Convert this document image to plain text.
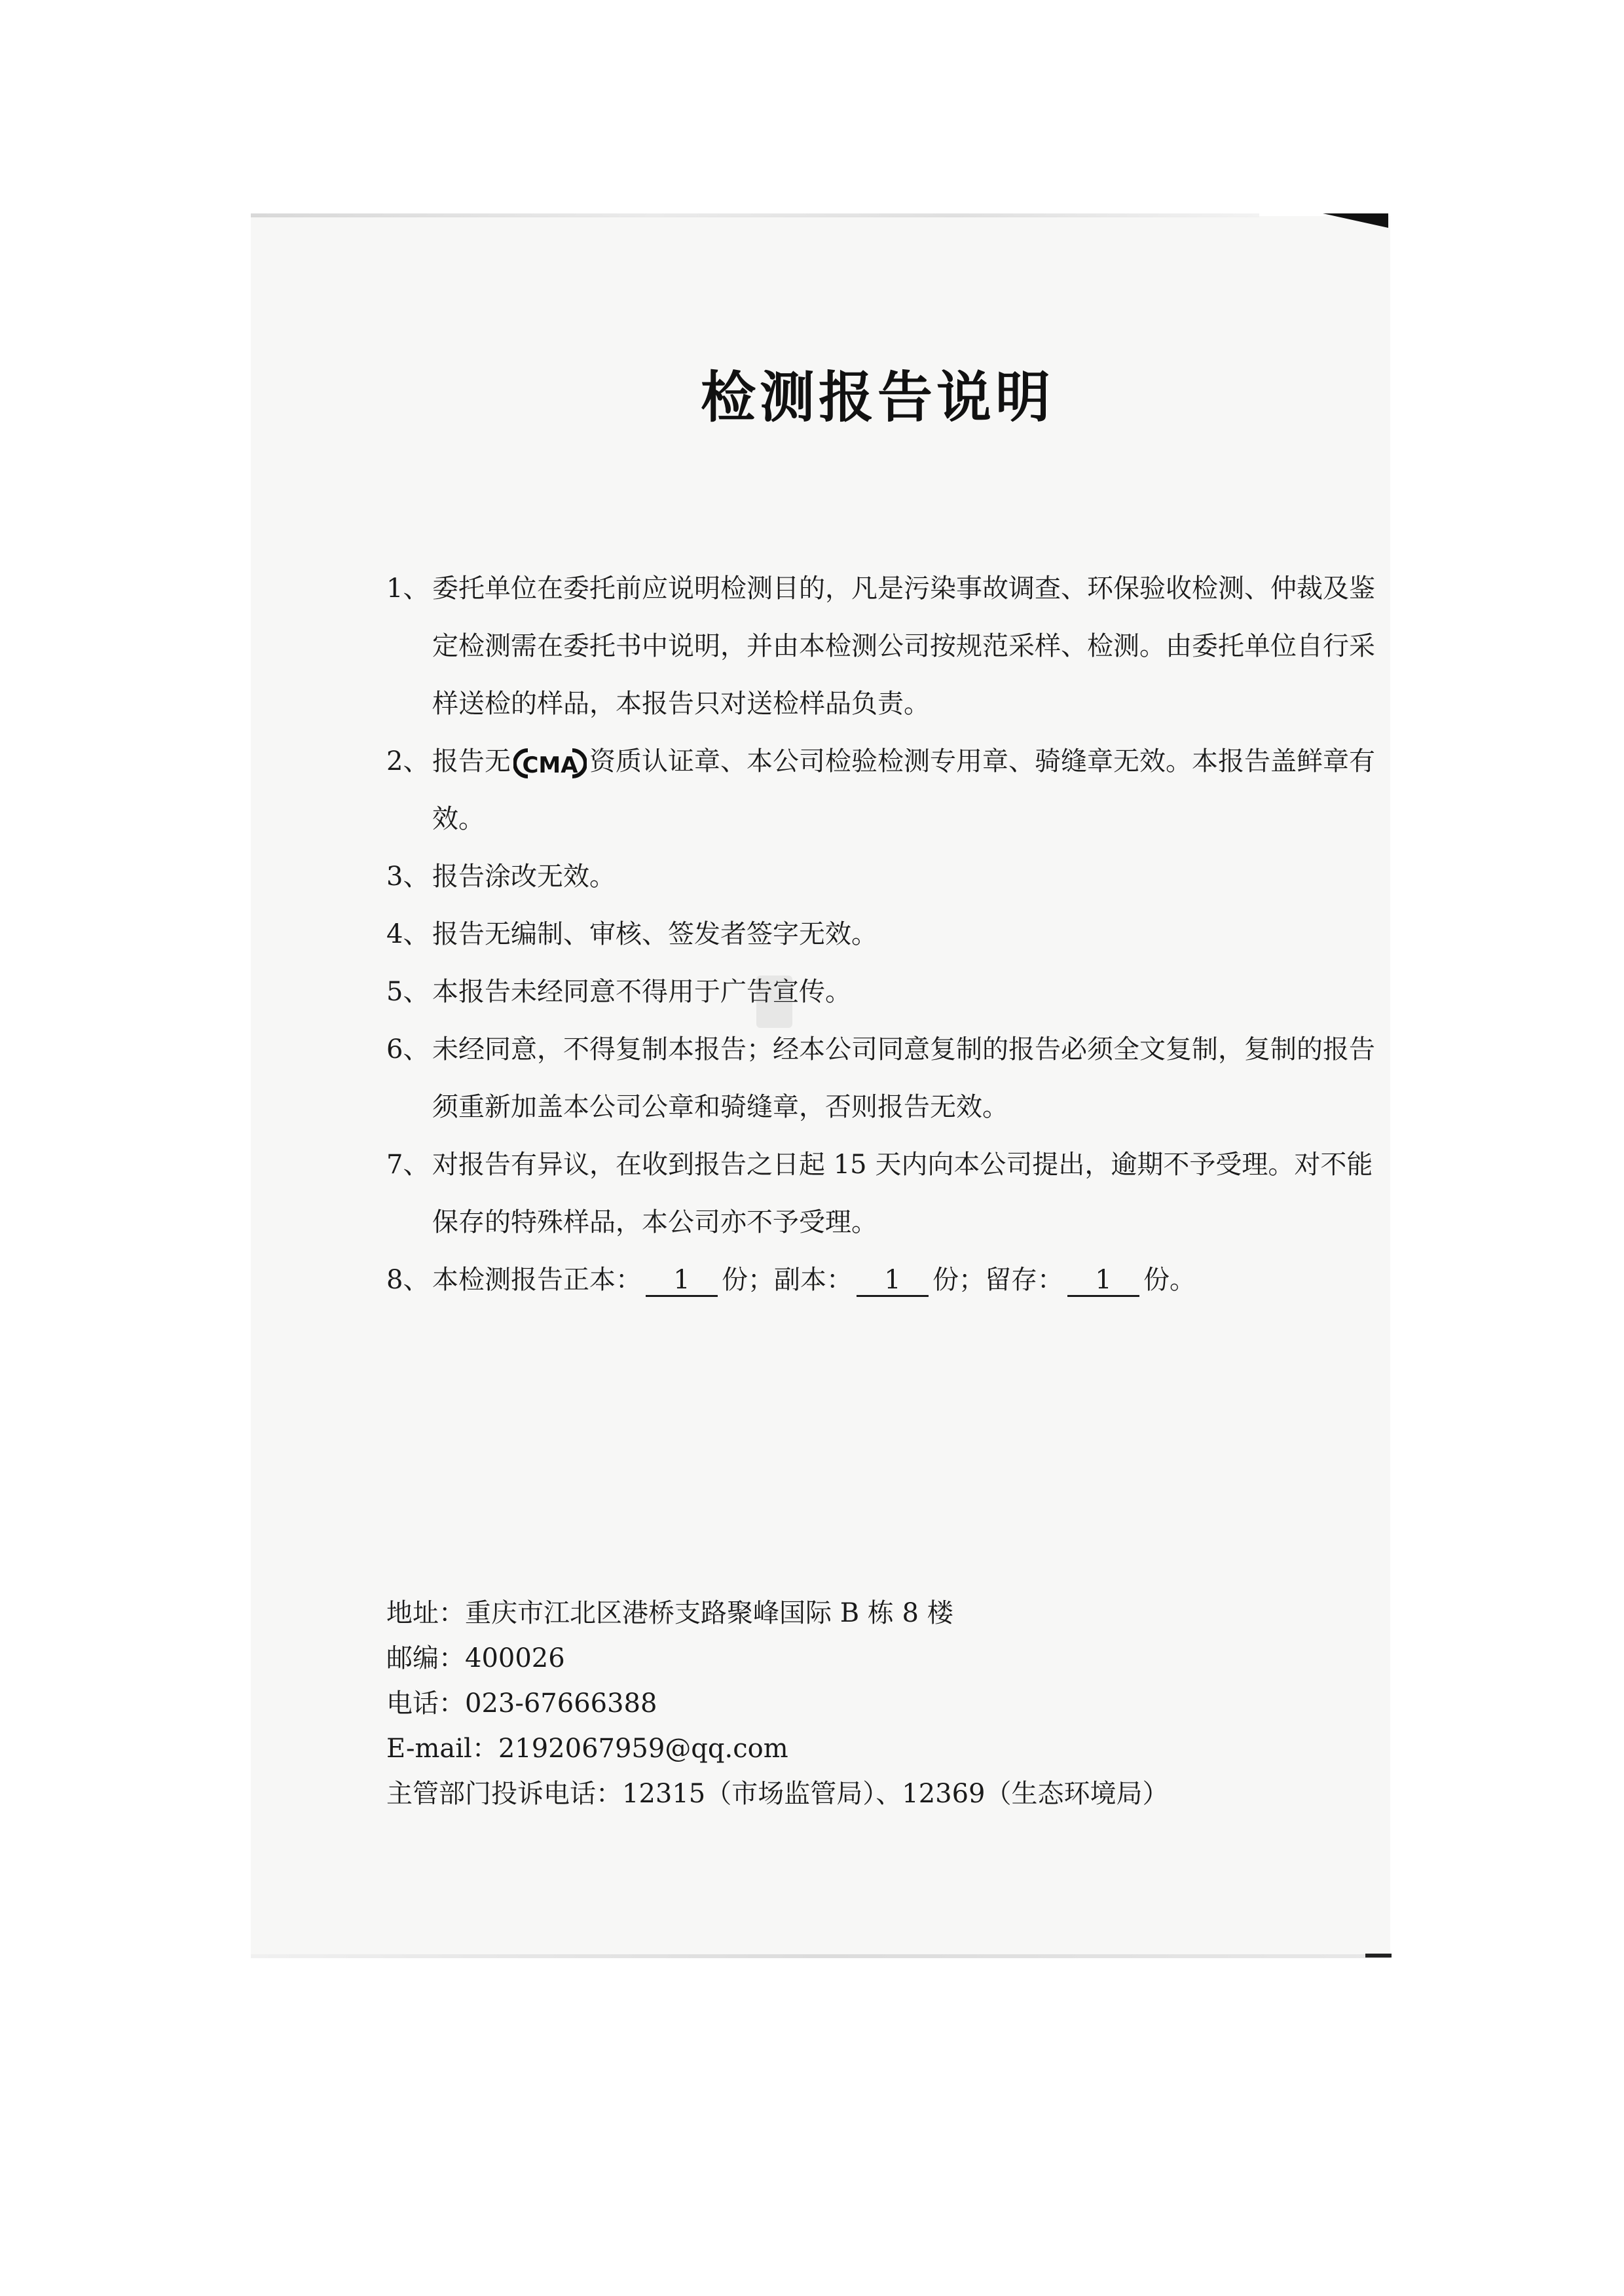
检测报告说明

1、 委托单位在委托前应说明检测目的，凡是污染事故调查、环保验收检测、仲裁及鉴定检测需在委托书中说明，并由本检测公司按规范采样、检测。由委托单位自行采样送检的样品，本报告只对送检样品负责。

2、 报告无 CMA 资质认证章、本公司检验检测专用章、骑缝章无效。本报告盖鲜章有效。

3、 报告涂改无效。

4、 报告无编制、审核、签发者签字无效。

5、 本报告未经同意不得用于广告宣传。

6、 未经同意，不得复制本报告；经本公司同意复制的报告必须全文复制，复制的报告须重新加盖本公司公章和骑缝章，否则报告无效。

7、 对报告有异议，在收到报告之日起 15 天内向本公司提出，逾期不予受理。对不能保存的特殊样品，本公司亦不予受理。

8、 本检测报告正本： 1 份；副本： 1 份；留存： 1 份。

地址：重庆市江北区港桥支路聚峰国际 B 栋 8 楼
邮编：400026
电话：023-67666388
E-mail：2192067959@qq.com
主管部门投诉电话：12315（市场监管局）、12369（生态环境局）
